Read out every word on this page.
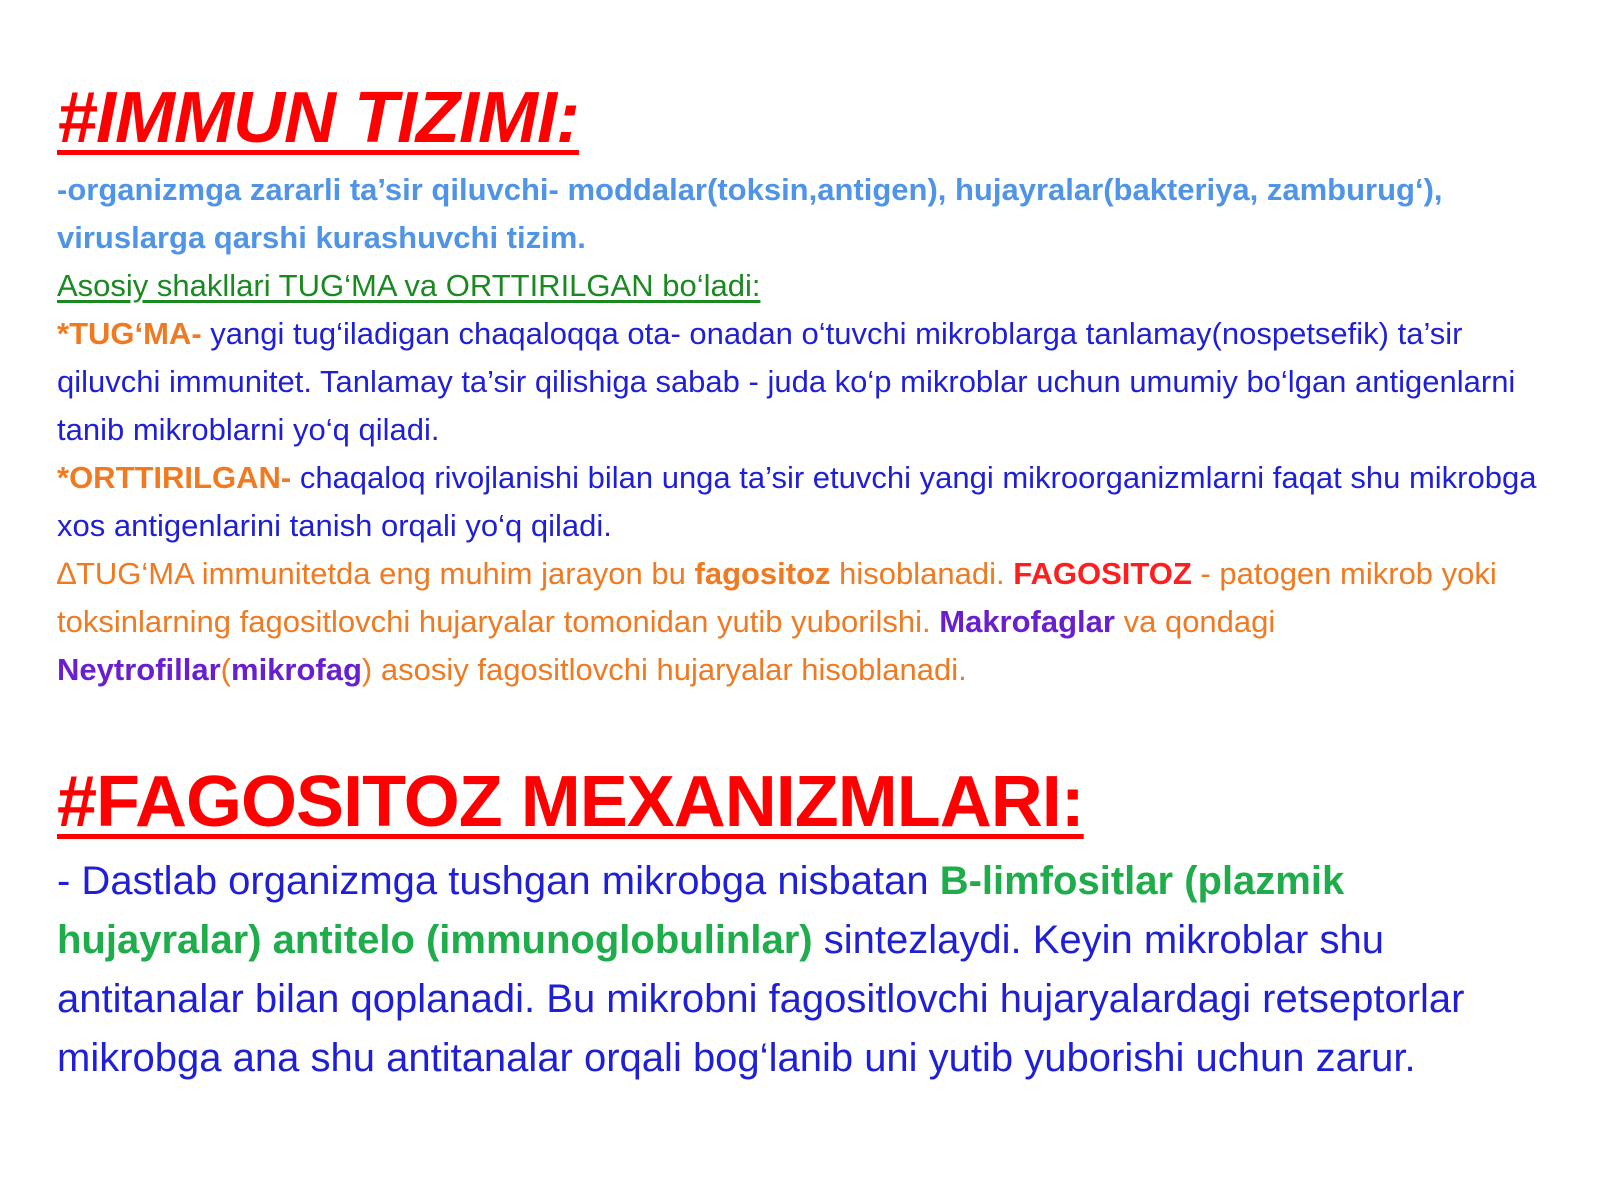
#IMMUN TIZIMI:

-organizmga zararli ta’sir qiluvchi- moddalar(toksin,antigen), hujayralar(bakteriya, zamburug‘), viruslarga qarshi kurashuvchi tizim.

Asosiy shakllari TUG‘MA va ORTTIRILGAN bo‘ladi:

*TUG‘MA- yangi tug‘iladigan chaqaloqqa ota- onadan o‘tuvchi mikroblarga tanlamay(nospetsefik) ta’sir qiluvchi immunitet. Tanlamay ta’sir qilishiga sabab - juda ko‘p mikroblar uchun umumiy bo‘lgan antigenlarni tanib mikroblarni yo‘q qiladi.

*ORTTIRILGAN- chaqaloq rivojlanishi bilan unga ta’sir etuvchi yangi mikroorganizmlarni faqat shu mikrobga xos antigenlarini tanish orqali yo‘q qiladi.

∆TUG‘MA immunitetda eng muhim jarayon bu fagositoz hisoblanadi. FAGOSITOZ - patogen mikrob yoki toksinlarning fagositlovchi hujaryalar tomonidan yutib yuborilshi. Makrofaglar va qondagi Neytrofillar(mikrofag) asosiy fagositlovchi hujaryalar hisoblanadi.

#FAGOSITOZ MEXANIZMLARI:

- Dastlab organizmga tushgan mikrobga nisbatan B-limfositlar (plazmik hujayralar) antitelo (immunoglobulinlar) sintezlaydi. Keyin mikroblar shu antitanalar bilan qoplanadi. Bu mikrobni fagositlovchi hujaryalardagi retseptorlar mikrobga ana shu antitanalar orqali bog‘lanib uni yutib yuborishi uchun zarur.
